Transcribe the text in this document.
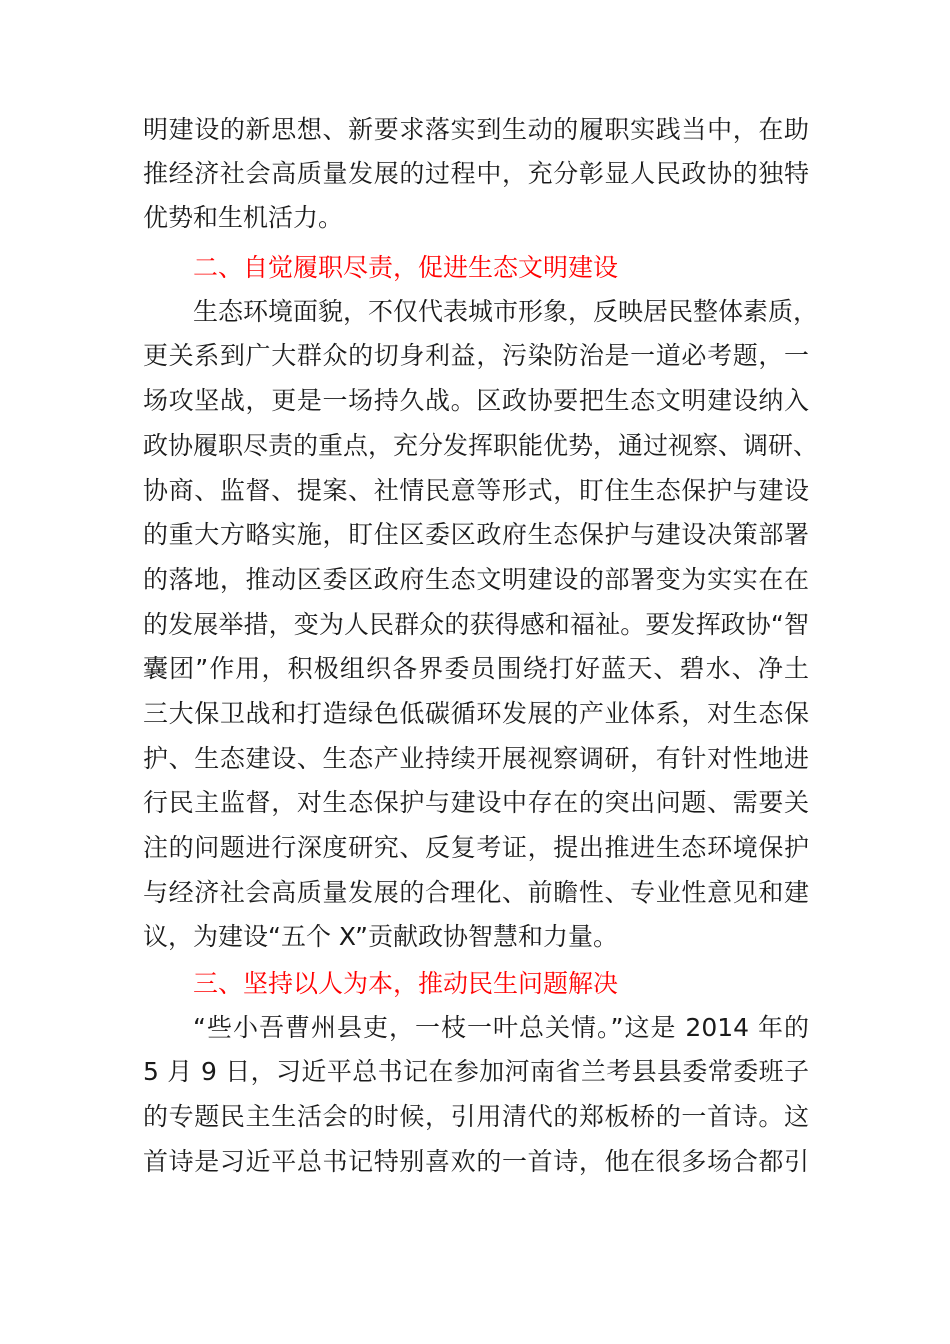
明建设的新思想、新要求落实到生动的履职实践当中，在助
推经济社会高质量发展的过程中，充分彰显人民政协的独特
优势和生机活力。
二、自觉履职尽责，促进生态文明建设
生态环境面貌，不仅代表城市形象，反映居民整体素质，
更关系到广大群众的切身利益，污染防治是一道必考题，一
场攻坚战，更是一场持久战。区政协要把生态文明建设纳入
政协履职尽责的重点，充分发挥职能优势，通过视察、调研、
协商、监督、提案、社情民意等形式，盯住生态保护与建设
的重大方略实施，盯住区委区政府生态保护与建设决策部署
的落地，推动区委区政府生态文明建设的部署变为实实在在
的发展举措，变为人民群众的获得感和福祉。要发挥政协“智
囊团”作用，积极组织各界委员围绕打好蓝天、碧水、净土
三大保卫战和打造绿色低碳循环发展的产业体系，对生态保
护、生态建设、生态产业持续开展视察调研，有针对性地进
行民主监督，对生态保护与建设中存在的突出问题、需要关
注的问题进行深度研究、反复考证，提出推进生态环境保护
与经济社会高质量发展的合理化、前瞻性、专业性意见和建
议，为建设“五个 X”贡献政协智慧和力量。
三、坚持以人为本，推动民生问题解决
“些小吾曹州县吏，一枝一叶总关情。”这是 2014 年的
5 月 9 日，习近平总书记在参加河南省兰考县县委常委班子
的专题民主生活会的时候，引用清代的郑板桥的一首诗。这
首诗是习近平总书记特别喜欢的一首诗，他在很多场合都引
